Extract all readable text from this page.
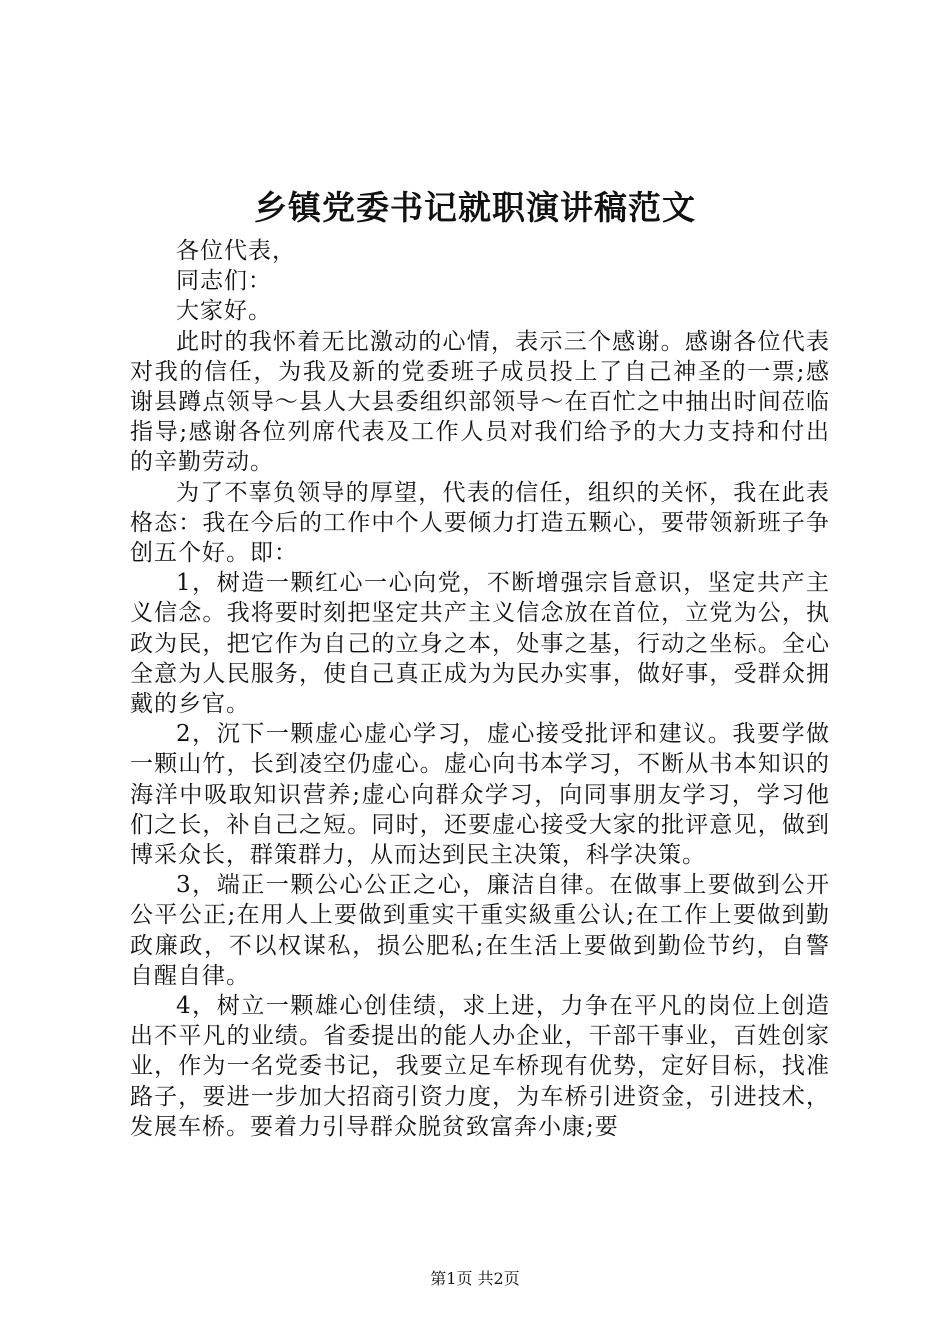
乡镇党委书记就职演讲稿范文

各位代表，

同志们：

大家好。

此时的我怀着无比激动的心情，表示三个感谢。感谢各位代表对我的信任，为我及新的党委班子成员投上了自己神圣的一票;感谢县蹲点领导～县人大县委组织部领导～在百忙之中抽出时间莅临指导;感谢各位列席代表及工作人员对我们给予的大力支持和付出的辛勤劳动。

为了不辜负领导的厚望，代表的信任，组织的关怀，我在此表格态：我在今后的工作中个人要倾力打造五颗心，要带领新班子争创五个好。即：

1，树造一颗红心一心向党，不断增强宗旨意识，坚定共产主义信念。我将要时刻把坚定共产主义信念放在首位，立党为公，执政为民，把它作为自己的立身之本，处事之基，行动之坐标。全心全意为人民服务，使自己真正成为为民办实事，做好事，受群众拥戴的乡官。

2，沉下一颗虚心虚心学习，虚心接受批评和建议。我要学做一颗山竹，长到凌空仍虚心。虚心向书本学习，不断从书本知识的海洋中吸取知识营养;虚心向群众学习，向同事朋友学习，学习他们之长，补自己之短。同时，还要虚心接受大家的批评意见，做到博采众长，群策群力，从而达到民主决策，科学决策。

3，端正一颗公心公正之心，廉洁自律。在做事上要做到公开公平公正;在用人上要做到重实干重实級重公认;在工作上要做到勤政廉政，不以权谋私，损公肥私;在生活上要做到勤俭节约，自警自醒自律。

4，树立一颗雄心创佳绩，求上进，力争在平凡的岗位上创造出不平凡的业绩。省委提出的能人办企业，干部干事业，百姓创家业，作为一名党委书记，我要立足车桥现有优势，定好目标，找准路子，要进一步加大招商引资力度，为车桥引进资金，引进技术，发展车桥。要着力引导群众脱贫致富奔小康;要

第1页 共2页
